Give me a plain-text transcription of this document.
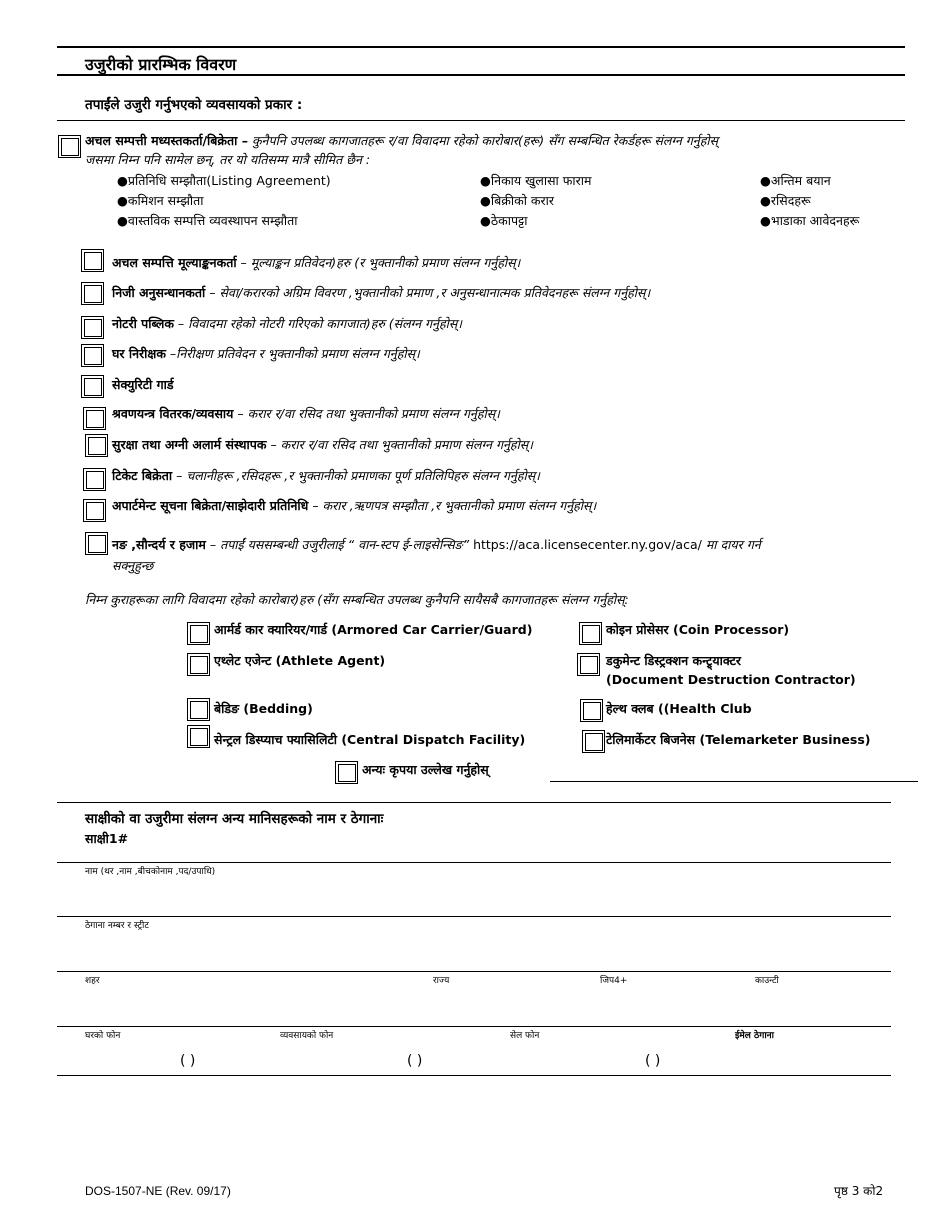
उजुरीको प्रारम्भिक विवरण
तपाईंले उजुरी गर्नुभएको व्यवसायको प्रकार :
अचल सम्पत्ती मध्यस्तकर्ता/बिक्रेता – कुनैपनि उपलब्ध कागजातहरू र/वा विवादमा रहेको कारोबार(हरू) सँग सम्बन्धित रेकर्डहरू संलग्न गर्नुहोस्
जसमा निम्न पनि सामेल छन्, तर यो यतिसम्म मात्रै सीमित छैन :
●प्रतिनिधि सम्झौता(Listing Agreement)	●निकाय खुलासा फाराम	●अन्तिम बयान
●कमिशन सम्झौता	●बिक्रीको करार	●रसिदहरू
●वास्तविक सम्पत्ति व्यवस्थापन सम्झौता	●ठेकापट्टा	●भाडाका आवेदनहरू
अचल सम्पत्ति मूल्याङ्कनकर्ता – मूल्याङ्कन प्रतिवेदन)हरु (र भुक्तानीको प्रमाण संलग्न गर्नुहोस्।
निजी अनुसन्धानकर्ता – सेवा/करारको अग्रिम विवरण ,भुक्तानीको प्रमाण ,र अनुसन्धानात्मक प्रतिवेदनहरू संलग्न गर्नुहोस्।
नोटरी पब्लिक – विवादमा रहेको नोटरी गरिएको कागजात)हरु (संलग्न गर्नुहोस्।
घर निरीक्षक –निरीक्षण प्रतिवेदन र भुक्तानीको प्रमाण संलग्न गर्नुहोस्।
सेक्युरिटी गार्ड
श्रवणयन्त्र वितरक/व्यवसाय – करार र/वा रसिद तथा भुक्तानीको प्रमाण संलग्न गर्नुहोस्।
सुरक्षा तथा अग्नी अलार्म संस्थापक – करार र/वा रसिद तथा भुक्तानीको प्रमाण संलग्न गर्नुहोस्।
टिकेट बिक्रेता – चलानीहरू ,रसिदहरू ,र भुक्तानीको प्रमाणका पूर्ण प्रतिलिपिहरु संलग्न गर्नुहोस्।
अपार्टमेन्ट सूचना बिक्रेता/साझेदारी प्रतिनिधि – करार ,ऋणपत्र सम्झौता ,र भुक्तानीको प्रमाण संलग्न गर्नुहोस्।
नङ ,सौन्दर्य र हजाम – तपाईं यससम्बन्धी उजुरीलाई “ वान-स्टप ई-लाइसेन्सिङ” https://aca.licensecenter.ny.gov/aca/ मा दायर गर्न
सक्नुहुन्छ
निम्न कुराहरूका लागि विवादमा रहेको कारोबार)हरु (सँग सम्बन्धित उपलब्ध कुनैपनि सायैसबै कागजातहरू संलग्न गर्नुहोस्:
आर्मर्ड कार क्यारियर/गार्ड (Armored Car Carrier/Guard)	कोइन प्रोसेसर (Coin Processor)
एथ्लेट एजेन्ट (Athlete Agent)	डकुमेन्ट डिस्ट्रक्शन कन्ट्र्याक्टर
(Document Destruction Contractor)
बेडिङ (Bedding)	हेल्थ क्लब ((Health Club
सेन्ट्रल डिस्प्याच फ्यासिलिटी (Central Dispatch Facility)	टेलिमार्केटर बिजनेस (Telemarketer Business)
अन्यः कृपया उल्लेख गर्नुहोस्
साक्षीको वा उजुरीमा संलग्न अन्य मानिसहरूको नाम र ठेगानाः
साक्षी1#
नाम (थर ,नाम ,बीचकोनाम ,पद/उपाधि)
ठेगाना नम्बर र स्ट्रीट
शहर	राज्य	जिप4+	काउन्टी
घरको फोन	व्यवसायको फोन	सेल फोन	ईमेल ठेगाना
( )	( )	( )
DOS-1507-NE (Rev. 09/17)	पृष्ठ 3 को2
